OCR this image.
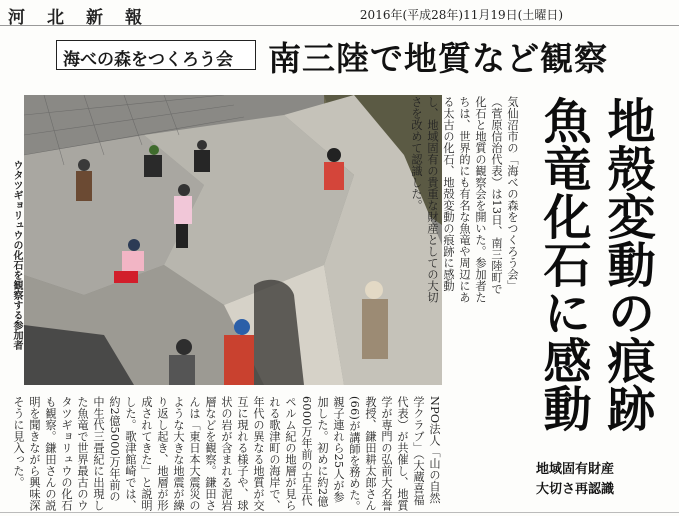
河北新報	2016年(平成28年)11月19日(土曜日)
海べの森をつくろう会 南三陸で地質など観察
ウタツギョリュウの化石を観察する参加者	気仙沼市の「海べの森をつくろう会」（菅原信治代表）は13日、南三陸町で化石と地質の観察会を開いた。参加者たちは、世界的にも有名な魚竜や周辺にある太古の化石、地殻変動の痕跡に感動し、地域固有の貴重な財産としての大切さを改めて認識した。	地殻変動の痕跡
魚竜化石に感動
地域固有財産
大切さ再認識
NPO法人「山の自然学クラブ」（大蔵喜福代表）が共催し、地質学が専門の弘前大名誉教授、鎌田耕太郎さん(66)が講師を務めた。親子連れら25人が参加した。初めに約2億6000万年前の古生代ペルム紀の地層が見られる歌津町の海岸で、年代の異なる地質が交互に現れる様子や、球状の岩が含まれる泥岩層などを観察。鎌田さんは「東日本大震災のような大きな地震が繰り返し起き、地層が形成されてきた」と説明した。歌津館崎では、約2億5000万年前の中生代三畳紀に出現した魚竜で世界最古のウタツギョリュウの化石も観察。鎌田さんの説明を聞きながら興味深そうに見入った。
